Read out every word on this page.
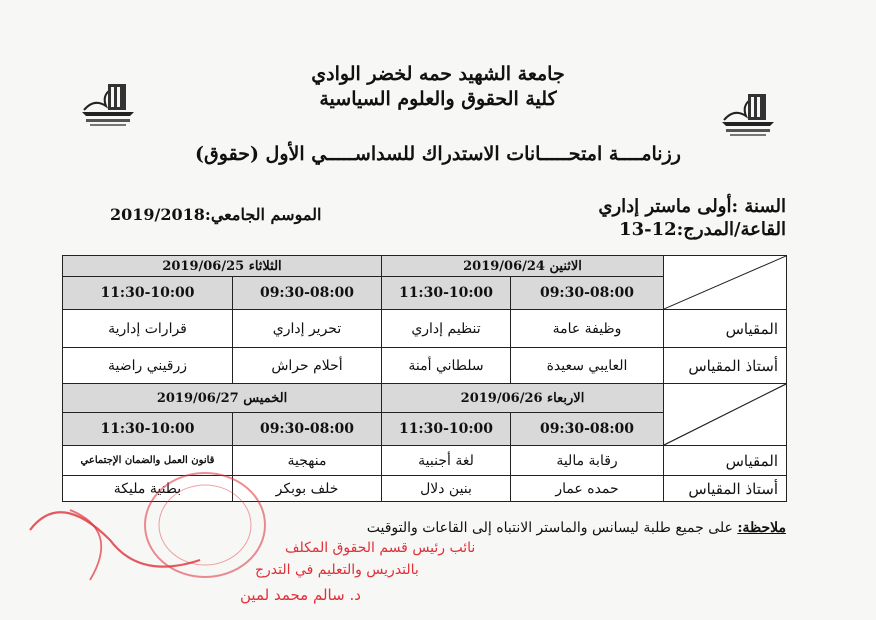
جامعة الشهيد حمه لخضر الوادي
كلية الحقوق والعلوم السياسية
رزنامــــة امتحـــــانات الاستدراك للسداســـــي الأول (حقوق)
السنة :أولى ماستر إداري
القاعة/المدرج:12-13
الموسم الجامعي:2019/2018
الثلاثاء 2019/06/25		الاثنين 2019/06/24	

11:30-10:00	09:30-08:00	11:30-10:00	09:30-08:00	
قرارات إدارية	تحرير إداري	تنظيم إداري	وظيفة عامة	المقياس
زرقيني راضية	أحلام حراش	سلطاني أمنة	العايبي سعيدة	أستاذ المقياس
الخميس 2019/06/27		الاربعاء 2019/06/26	

11:30-10:00	09:30-08:00	11:30-10:00	09:30-08:00	
قانون العمل والضمان الإجتماعي	منهجية	لغة أجنبية	رقابة مالية	المقياس
بطنية مليكة	خلف بوبكر	بنين دلال	حمده عمار	أستاذ المقياس
ملاحظة: على جميع طلبة ليسانس والماستر الانتباه إلى القاعات والتوقيت
نائب رئيس قسم الحقوق المكلف
بالتدريس والتعليم في التدرج
د. سالم محمد لمين
